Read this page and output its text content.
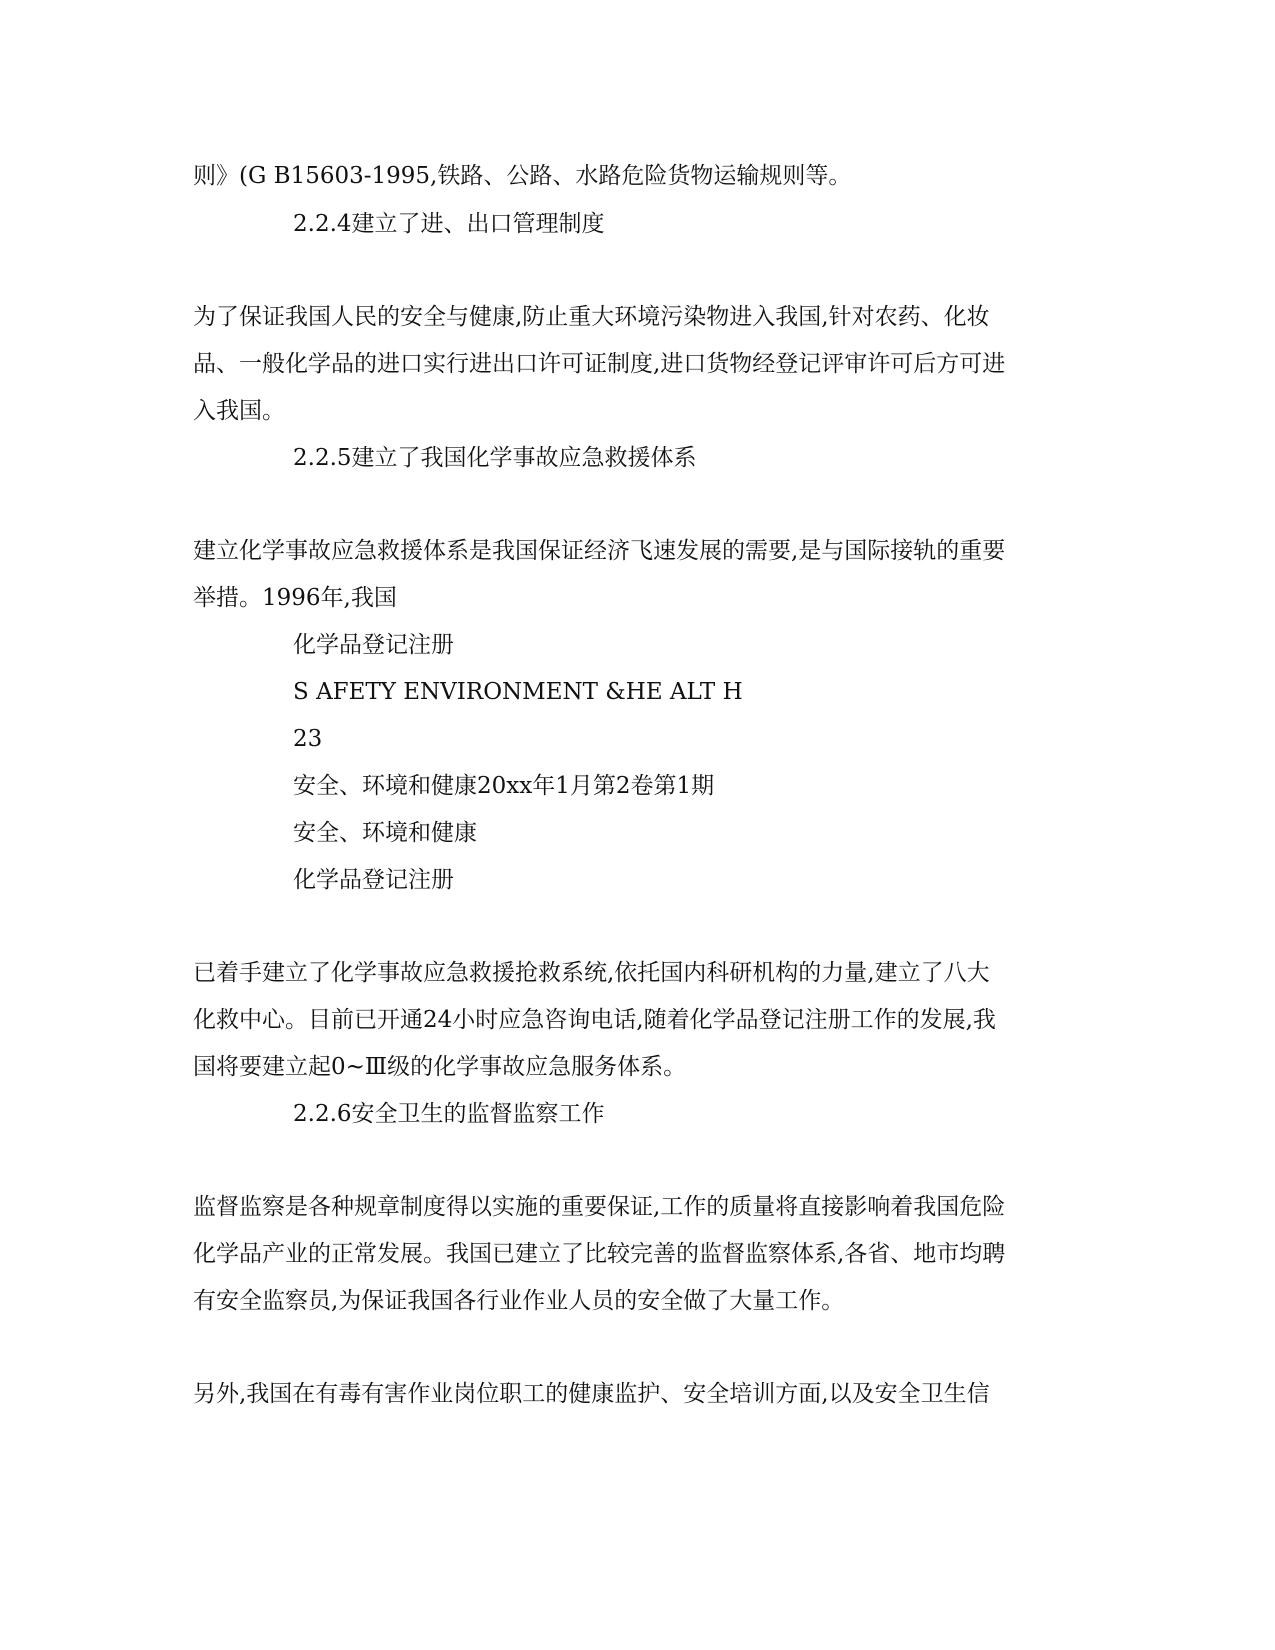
则》(G B15603-1995,铁路、公路、水路危险货物运输规则等。
2.2.4建立了进、出口管理制度
为了保证我国人民的安全与健康,防止重大环境污染物进入我国,针对农药、化妆
品、一般化学品的进口实行进出口许可证制度,进口货物经登记评审许可后方可进
入我国。
2.2.5建立了我国化学事故应急救援体系
建立化学事故应急救援体系是我国保证经济飞速发展的需要,是与国际接轨的重要
举措。1996年,我国
化学品登记注册
S AFETY ENVIRONMENT &HE ALT H
23
安全、环境和健康20xx年1月第2卷第1期
安全、环境和健康
化学品登记注册
已着手建立了化学事故应急救援抢救系统,依托国内科研机构的力量,建立了八大
化救中心。目前已开通24小时应急咨询电话,随着化学品登记注册工作的发展,我
国将要建立起0~Ⅲ级的化学事故应急服务体系。
2.2.6安全卫生的监督监察工作
监督监察是各种规章制度得以实施的重要保证,工作的质量将直接影响着我国危险
化学品产业的正常发展。我国已建立了比较完善的监督监察体系,各省、地市均聘
有安全监察员,为保证我国各行业作业人员的安全做了大量工作。
另外,我国在有毒有害作业岗位职工的健康监护、安全培训方面,以及安全卫生信
